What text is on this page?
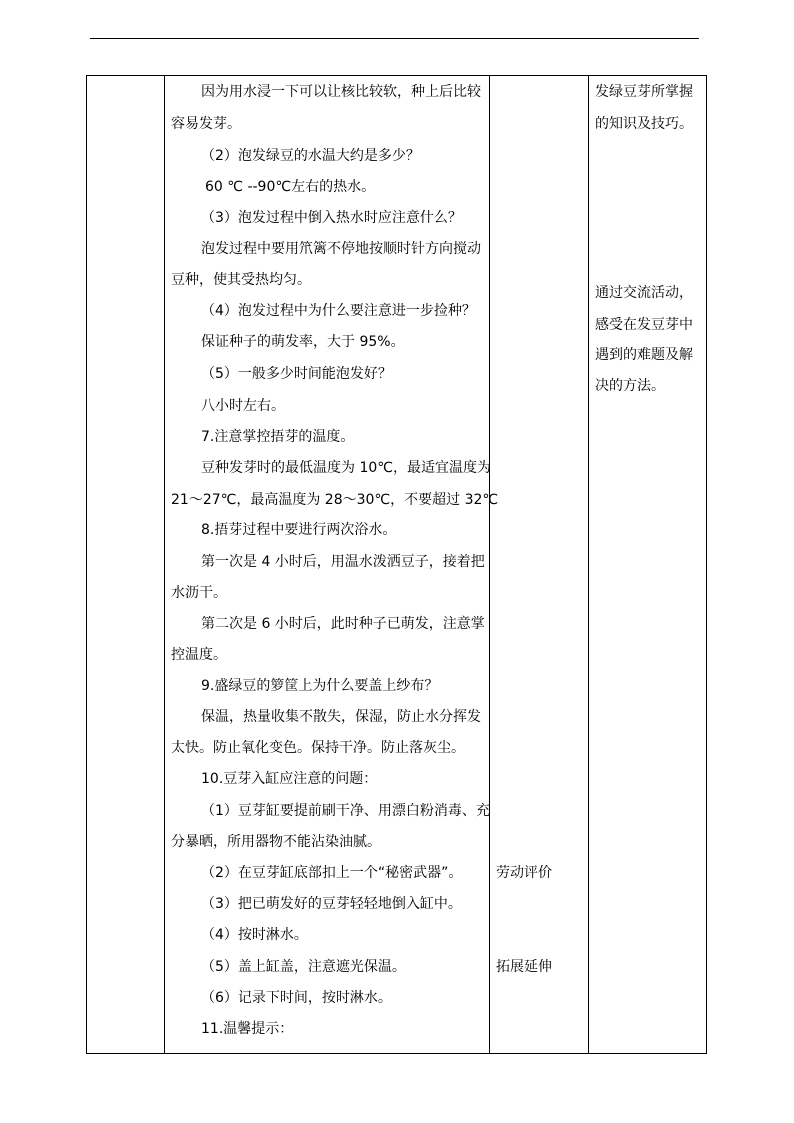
因为用水浸一下可以让核比较软，种上后比较
容易发芽。
（2）泡发绿豆的水温大约是多少？
60 ℃ --90℃左右的热水。
（3）泡发过程中倒入热水时应注意什么？
泡发过程中要用笊篱不停地按顺时针方向搅动
豆种，使其受热均匀。
（4）泡发过程中为什么要注意进一步捡种？
保证种子的萌发率，大于 95%。
（5）一般多少时间能泡发好？
八小时左右。
7.注意掌控捂芽的温度。
豆种发芽时的最低温度为 10℃，最适宜温度为
21～27℃，最高温度为 28～30℃，不要超过 32℃
8.捂芽过程中要进行两次浴水。
第一次是 4 小时后，用温水泼洒豆子，接着把
水沥干。
第二次是 6 小时后，此时种子已萌发，注意掌
控温度。
9.盛绿豆的箩筐上为什么要盖上纱布？
保温，热量收集不散失，保湿，防止水分挥发
太快。防止氧化变色。保持干净。防止落灰尘。
10.豆芽入缸应注意的问题：
（1）豆芽缸要提前刷干净、用漂白粉消毒、充
分暴晒，所用器物不能沾染油腻。
（2）在豆芽缸底部扣上一个“秘密武器”。
（3）把已萌发好的豆芽轻轻地倒入缸中。
（4）按时淋水。
（5）盖上缸盖，注意遮光保温。
（6）记录下时间，按时淋水。
11.温馨提示：
劳动评价
拓展延伸
发绿豆芽所掌握
的知识及技巧。
通过交流活动，
感受在发豆芽中
遇到的难题及解
决的方法。
